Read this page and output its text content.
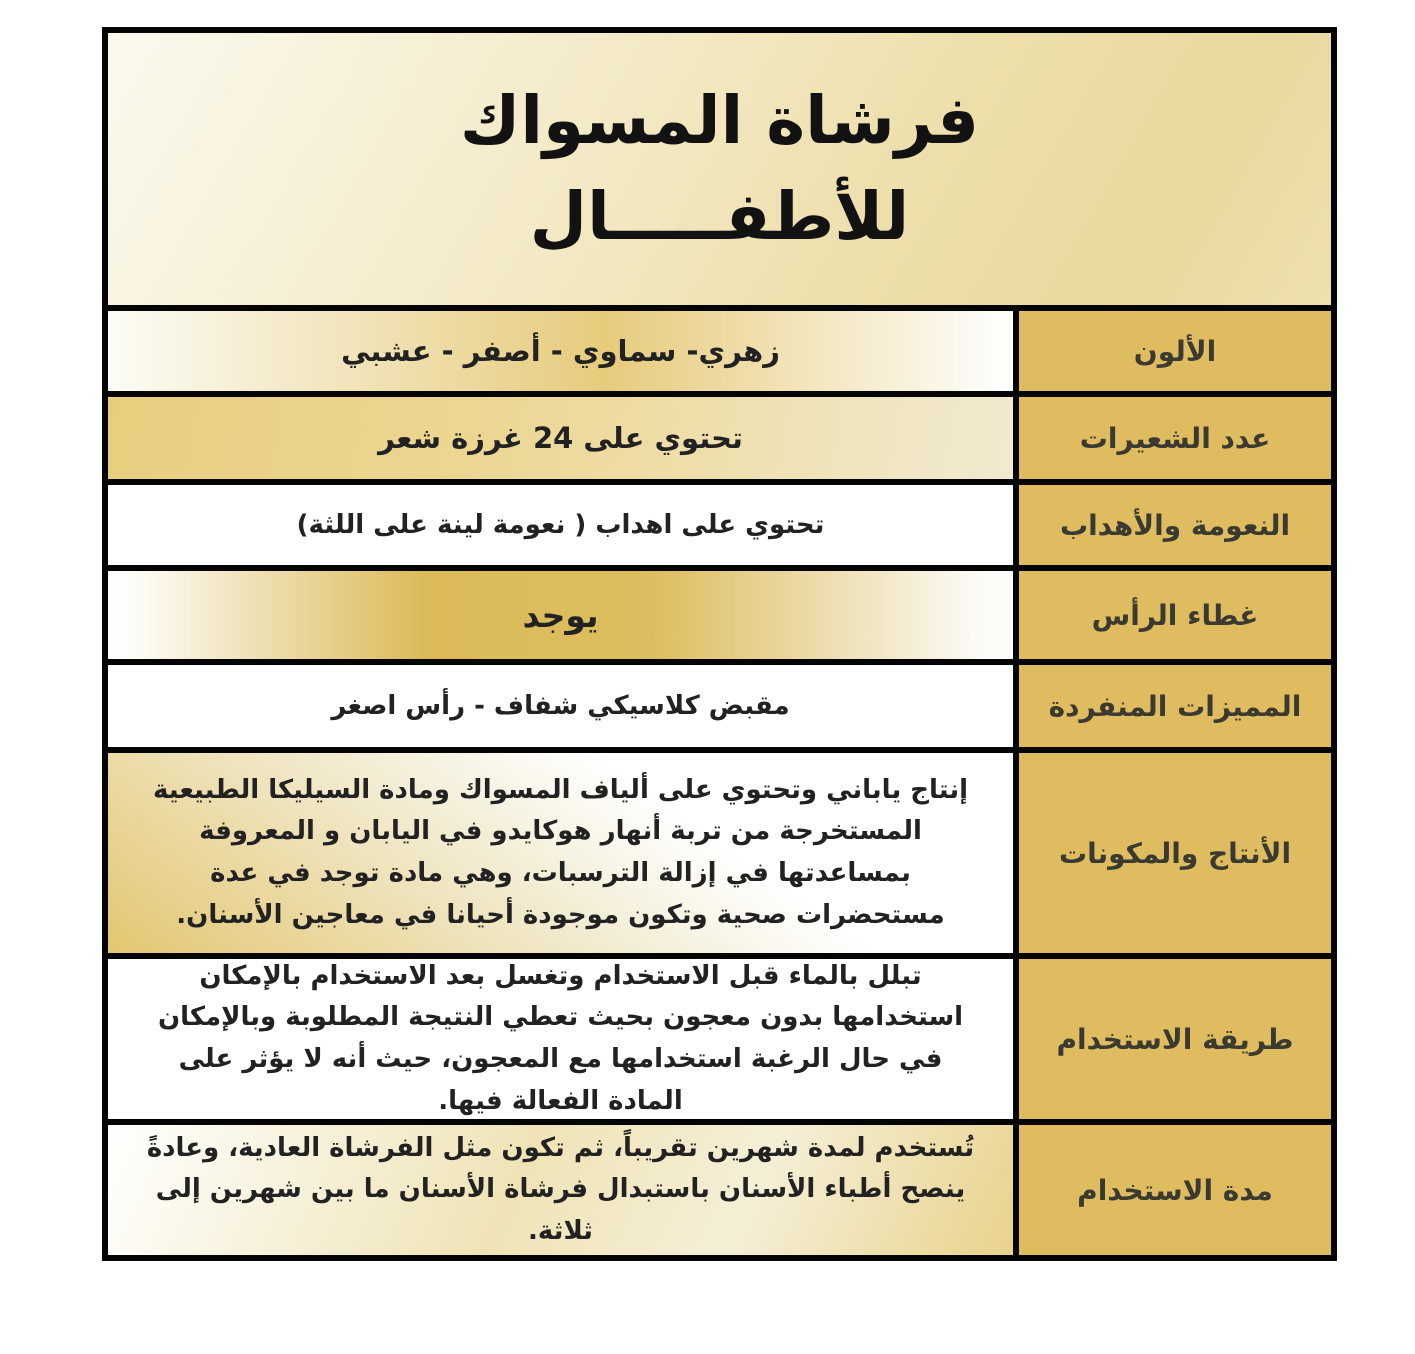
فرشاة المسواك
للأطفـــــال
الألون
زهري- سماوي - أصفر - عشبي
عدد الشعيرات
تحتوي على 24 غرزة شعر
النعومة والأهداب
تحتوي على اهداب ( نعومة لينة على اللثة)
غطاء الرأس
يوجد
المميزات المنفردة
مقبض كلاسيكي شفاف - رأس اصغر
الأنتاج والمكونات
إنتاج ياباني وتحتوي على ألياف المسواك ومادة السيليكا الطبيعية المستخرجة من تربة أنهار هوكايدو في اليابان و المعروفة بمساعدتها في إزالة الترسبات، وهي مادة توجد في عدة مستحضرات صحية وتكون موجودة أحيانا في معاجين الأسنان.
طريقة الاستخدام
تبلل بالماء قبل الاستخدام وتغسل بعد الاستخدام بالإمكان استخدامها بدون معجون بحيث تعطي النتيجة المطلوبة وبالإمكان في حال الرغبة استخدامها مع المعجون، حيث أنه لا يؤثر على المادة الفعالة فيها.
مدة الاستخدام
تُستخدم لمدة شهرين تقريباً، ثم تكون مثل الفرشاة العادية، وعادةً ينصح أطباء الأسنان باستبدال فرشاة الأسنان ما بين شهرين إلى ثلاثة.
